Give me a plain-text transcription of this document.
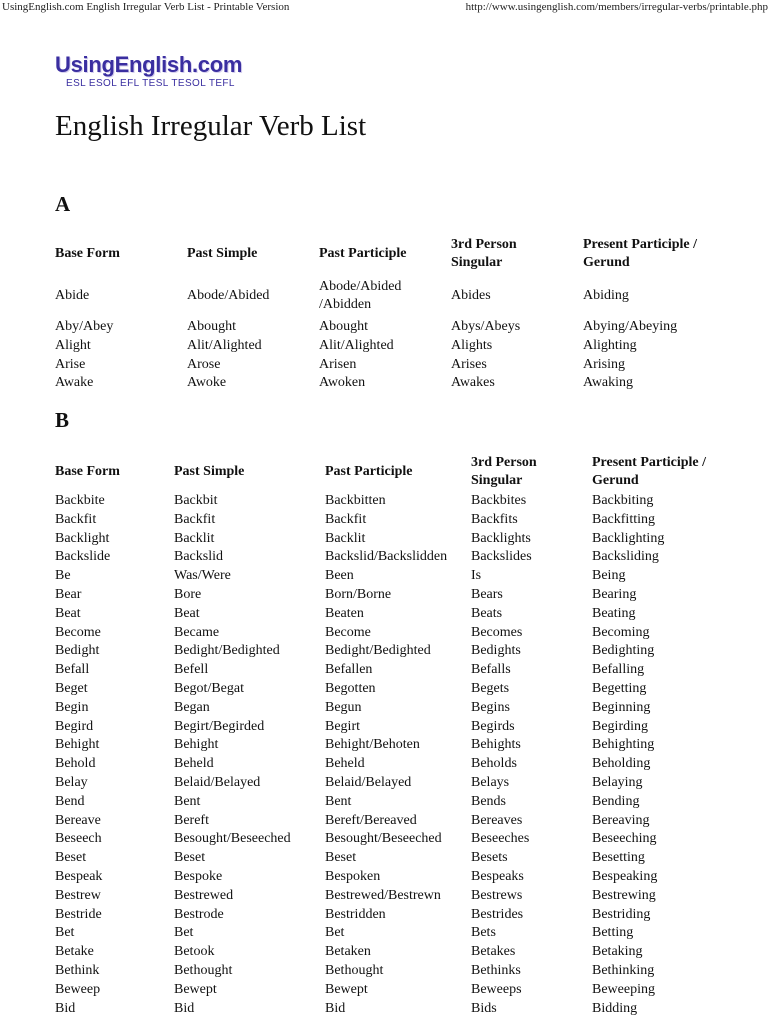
UsingEnglish.com English Irregular Verb List - Printable Version	http://www.usingenglish.com/members/irregular-verbs/printable.php
UsingEnglish.com
ESL ESOL EFL TESL TESOL TEFL
English Irregular Verb List
A
Base Form	Past Simple	Past Participle	3rd Person Singular	Present Participle / Gerund
Abide	Abode/Abided	Abode/Abided /Abidden	Abides	Abiding
Aby/Abey	Abought	Abought	Abys/Abeys	Abying/Abeying
Alight	Alit/Alighted	Alit/Alighted	Alights	Alighting
Arise	Arose	Arisen	Arises	Arising
Awake	Awoke	Awoken	Awakes	Awaking
B
Base Form	Past Simple	Past Participle	3rd Person Singular	Present Participle / Gerund
Backbite	Backbit	Backbitten	Backbites	Backbiting
Backfit	Backfit	Backfit	Backfits	Backfitting
Backlight	Backlit	Backlit	Backlights	Backlighting
Backslide	Backslid	Backslid/Backslidden	Backslides	Backsliding
Be	Was/Were	Been	Is	Being
Bear	Bore	Born/Borne	Bears	Bearing
Beat	Beat	Beaten	Beats	Beating
Become	Became	Become	Becomes	Becoming
Bedight	Bedight/Bedighted	Bedight/Bedighted	Bedights	Bedighting
Befall	Befell	Befallen	Befalls	Befalling
Beget	Begot/Begat	Begotten	Begets	Begetting
Begin	Began	Begun	Begins	Beginning
Begird	Begirt/Begirded	Begirt	Begirds	Begirding
Behight	Behight	Behight/Behoten	Behights	Behighting
Behold	Beheld	Beheld	Beholds	Beholding
Belay	Belaid/Belayed	Belaid/Belayed	Belays	Belaying
Bend	Bent	Bent	Bends	Bending
Bereave	Bereft	Bereft/Bereaved	Bereaves	Bereaving
Beseech	Besought/Beseeched	Besought/Beseeched	Beseeches	Beseeching
Beset	Beset	Beset	Besets	Besetting
Bespeak	Bespoke	Bespoken	Bespeaks	Bespeaking
Bestrew	Bestrewed	Bestrewed/Bestrewn	Bestrews	Bestrewing
Bestride	Bestrode	Bestridden	Bestrides	Bestriding
Bet	Bet	Bet	Bets	Betting
Betake	Betook	Betaken	Betakes	Betaking
Bethink	Bethought	Bethought	Bethinks	Bethinking
Beweep	Bewept	Bewept	Beweeps	Beweeping
Bid	Bid	Bid	Bids	Bidding
